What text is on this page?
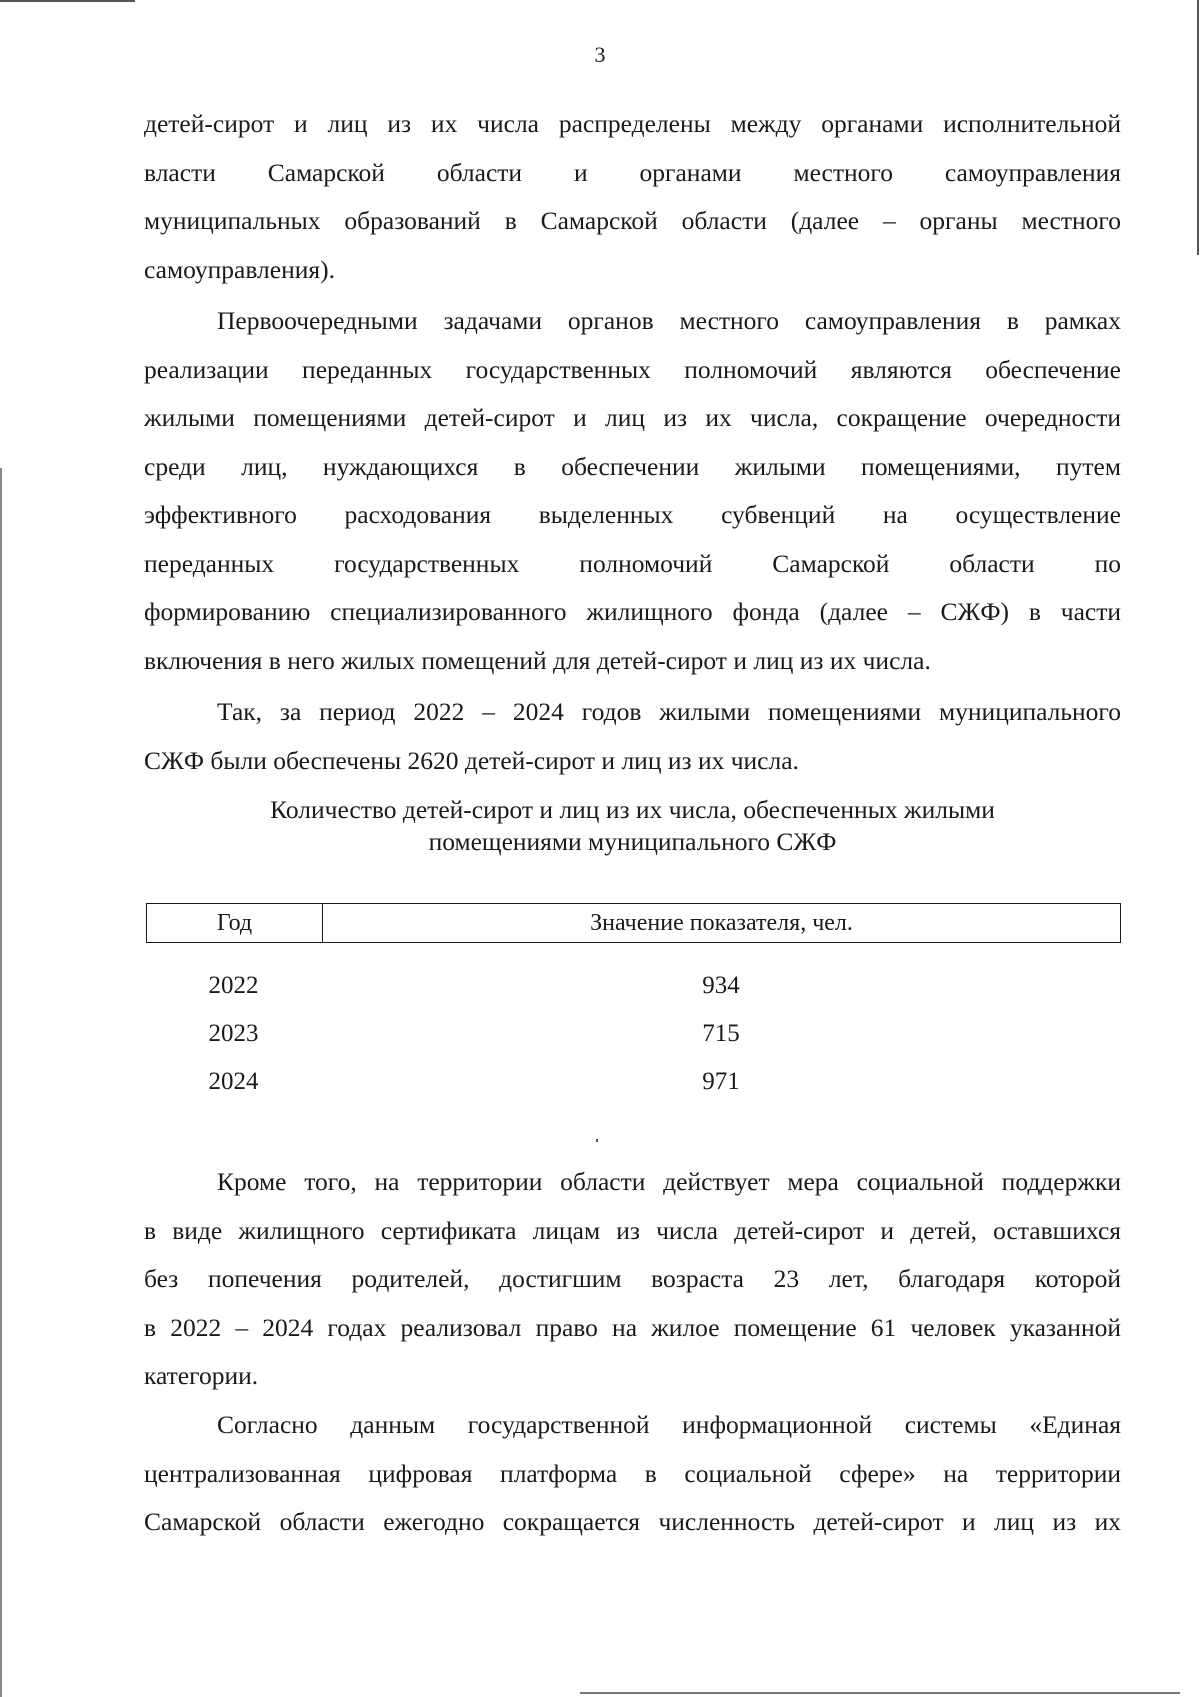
3
детей-сирот и лиц из их числа распределены между органами исполнительной
власти Самарской области и органами местного самоуправления
муниципальных образований в Самарской области (далее – органы местного
самоуправления).
Первоочередными задачами органов местного самоуправления в рамках
реализации переданных государственных полномочий являются обеспечение
жилыми помещениями детей-сирот и лиц из их числа, сокращение очередности
среди лиц, нуждающихся в обеспечении жилыми помещениями, путем
эффективного расходования выделенных субвенций на осуществление
переданных государственных полномочий Самарской области по
формированию специализированного жилищного фонда (далее – СЖФ) в части
включения в него жилых помещений для детей-сирот и лиц из их числа.
Так, за период 2022 – 2024 годов жилыми помещениями муниципального
СЖФ были обеспечены 2620 детей-сирот и лиц из их числа.
Количество детей-сирот и лиц из их числа, обеспеченных жилыми
помещениями муниципального СЖФ
Год	Значение показателя, чел.
2022	934
2023	715
2024	971
Кроме того, на территории области действует мера социальной поддержки
в виде жилищного сертификата лицам из числа детей-сирот и детей, оставшихся
без попечения родителей, достигшим возраста 23 лет, благодаря которой
в 2022 – 2024 годах реализовал право на жилое помещение 61 человек указанной
категории.
Согласно данным государственной информационной системы «Единая
централизованная цифровая платформа в социальной сфере» на территории
Самарской области ежегодно сокращается численность детей-сирот и лиц из их
